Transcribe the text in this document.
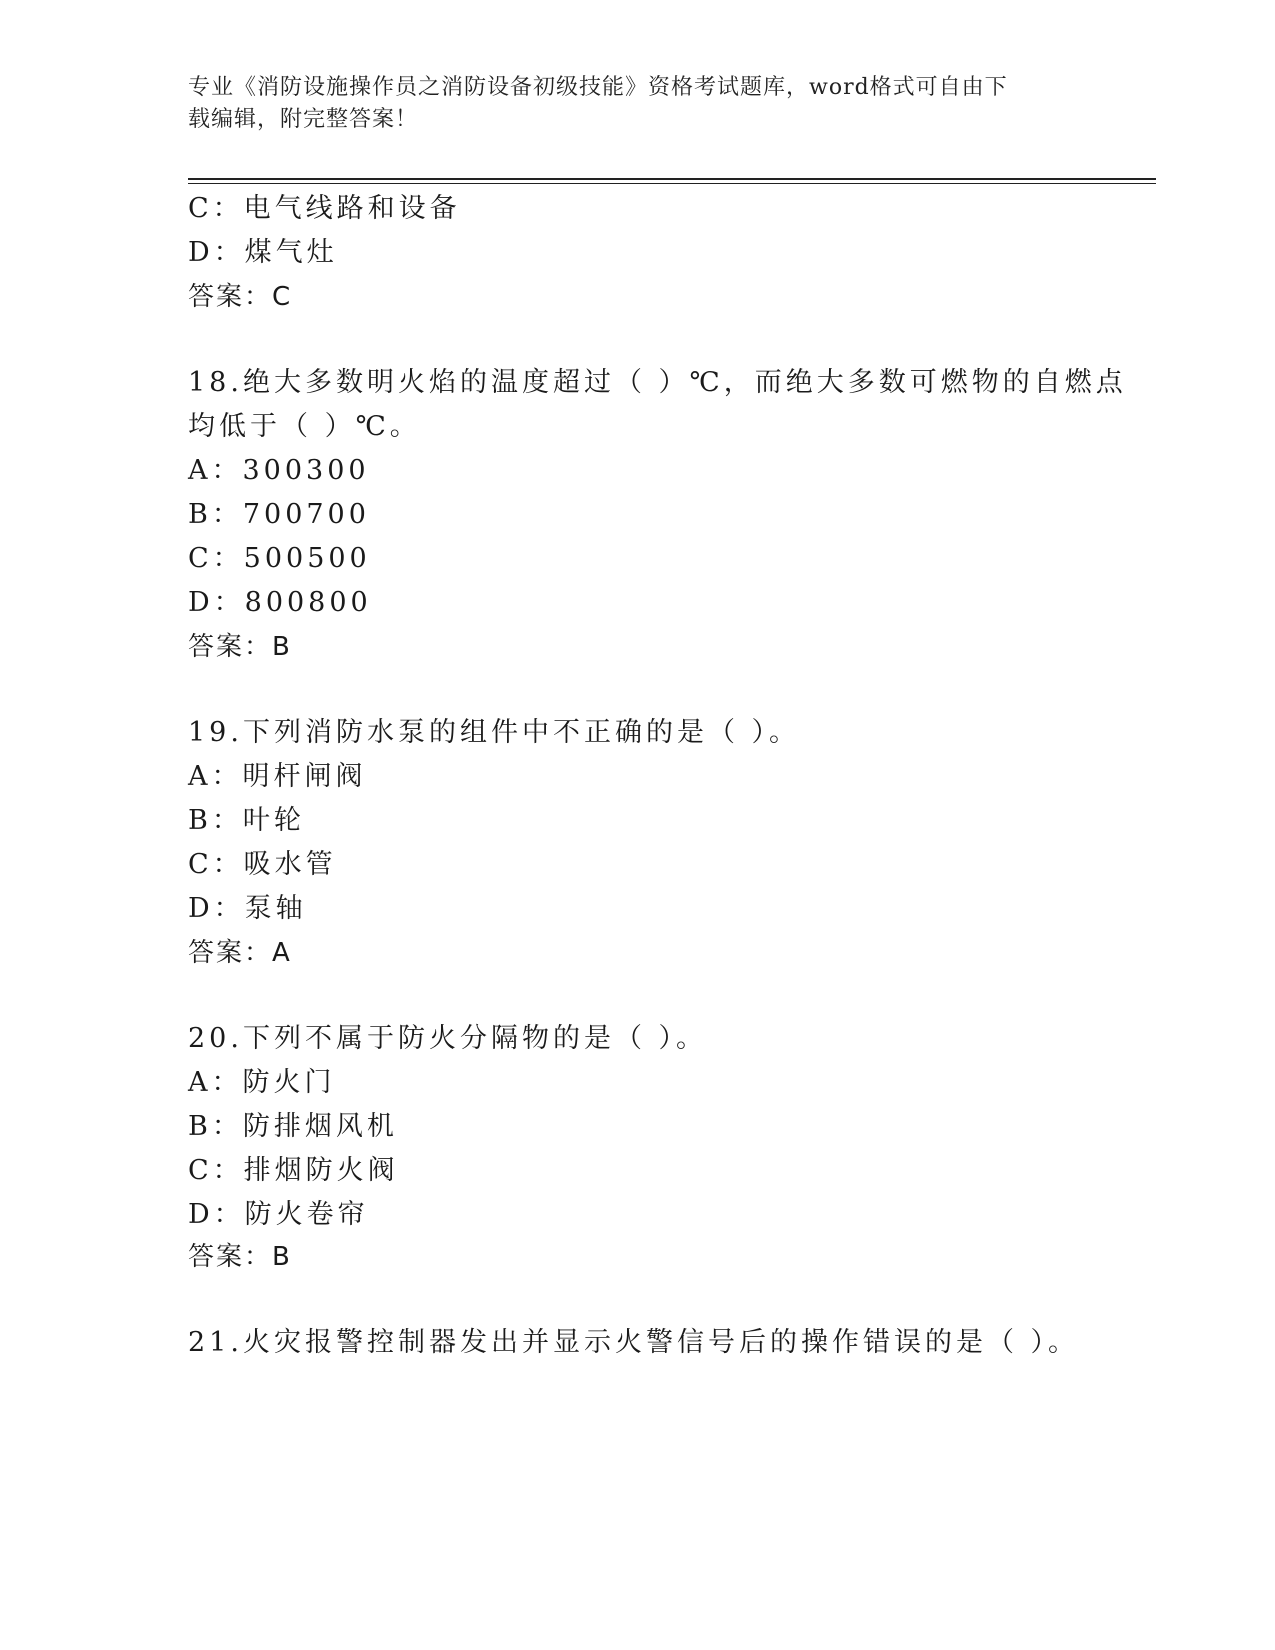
专业《消防设施操作员之消防设备初级技能》资格考试题库，word格式可自由下
载编辑，附完整答案！
C：电气线路和设备
D：煤气灶
答案：C
18.绝大多数明火焰的温度超过（ ）℃，而绝大多数可燃物的自燃点
均低于（ ）℃。
A：300300
B：700700
C：500500
D：800800
答案：B
19.下列消防水泵的组件中不正确的是（ ）。
A：明杆闸阀
B：叶轮
C：吸水管
D：泵轴
答案：A
20.下列不属于防火分隔物的是（ ）。
A：防火门
B：防排烟风机
C：排烟防火阀
D：防火卷帘
答案：B
21.火灾报警控制器发出并显示火警信号后的操作错误的是（ ）。
